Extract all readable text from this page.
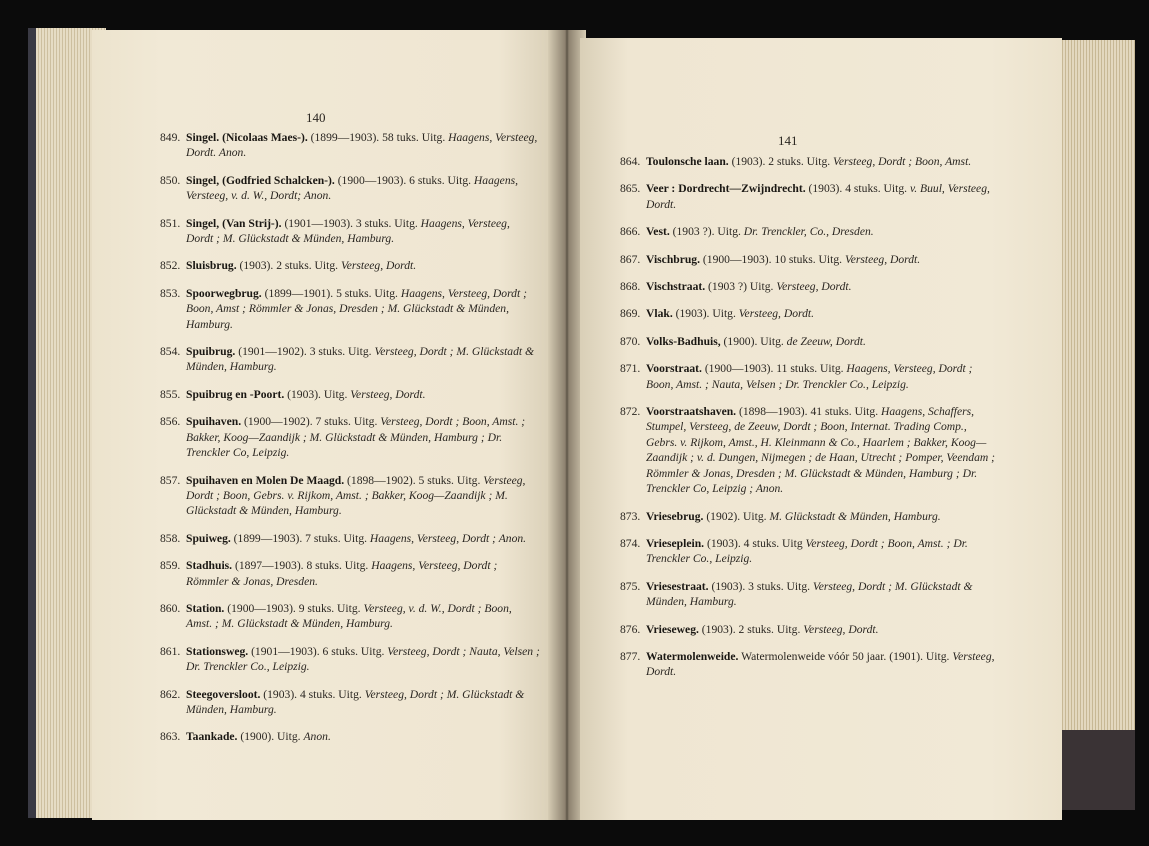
140
849. Singel. (Nicolaas Maes-). (1899—1903). 58 tuks. Uitg. Haagens, Versteeg, Dordt. Anon.
850. Singel, (Godfried Schalcken-). (1900—1903). 6 stuks. Uitg. Haagens, Versteeg, v. d. W., Dordt; Anon.
851. Singel, (Van Strij-). (1901—1903). 3 stuks. Uitg. Haagens, Versteeg, Dordt ; M. Glückstadt & Münden, Hamburg.
852. Sluisbrug. (1903). 2 stuks. Uitg. Versteeg, Dordt.
853. Spoorwegbrug. (1899—1901). 5 stuks. Uitg. Haagens, Versteeg, Dordt ; Boon, Amst ; Römmler & Jonas, Dresden ; M. Glückstadt & Münden, Hamburg.
854. Spuibrug. (1901—1902). 3 stuks. Uitg. Versteeg, Dordt ; M. Glückstadt & Münden, Hamburg.
855. Spuibrug en -Poort. (1903). Uitg. Versteeg, Dordt.
856. Spuihaven. (1900—1902). 7 stuks. Uitg. Versteeg, Dordt ; Boon, Amst. ; Bakker, Koog—Zaandijk ; M. Glückstadt & Münden, Hamburg ; Dr. Trenckler Co, Leipzig.
857. Spuihaven en Molen De Maagd. (1898—1902). 5 stuks. Uitg. Versteeg, Dordt ; Boon, Gebrs. v. Rijkom, Amst. ; Bakker, Koog—Zaandijk ; M. Glückstadt & Münden, Hamburg.
858. Spuiweg. (1899—1903). 7 stuks. Uitg. Haagens, Versteeg, Dordt ; Anon.
859. Stadhuis. (1897—1903). 8 stuks. Uitg. Haagens, Versteeg, Dordt ; Römmler & Jonas, Dresden.
860. Station. (1900—1903). 9 stuks. Uitg. Versteeg, v. d. W., Dordt ; Boon, Amst. ; M. Glückstadt & Münden, Hamburg.
861. Stationsweg. (1901—1903). 6 stuks. Uitg. Versteeg, Dordt ; Nauta, Velsen ; Dr. Trenckler Co., Leipzig.
862. Steegoversloot. (1903). 4 stuks. Uitg. Versteeg, Dordt ; M. Glückstadt & Münden, Hamburg.
863. Taankade. (1900). Uitg. Anon.
141
864. Toulonsche laan. (1903). 2 stuks. Uitg. Versteeg, Dordt ; Boon, Amst.
865. Veer : Dordrecht—Zwijndrecht. (1903). 4 stuks. Uitg. v. Buul, Versteeg, Dordt.
866. Vest. (1903 ?). Uitg. Dr. Trenckler, Co., Dresden.
867. Vischbrug. (1900—1903). 10 stuks. Uitg. Versteeg, Dordt.
868. Vischstraat. (1903 ?) Uitg. Versteeg, Dordt.
869. Vlak. (1903). Uitg. Versteeg, Dordt.
870. Volks-Badhuis, (1900). Uitg. de Zeeuw, Dordt.
871. Voorstraat. (1900—1903). 11 stuks. Uitg. Haagens, Versteeg, Dordt ; Boon, Amst. ; Nauta, Velsen ; Dr. Trenckler Co., Leipzig.
872. Voorstraatshaven. (1898—1903). 41 stuks. Uitg. Haagens, Schaffers, Stumpel, Versteeg, de Zeeuw, Dordt ; Boon, Internat. Trading Comp., Gebrs. v. Rijkom, Amst., H. Kleinmann & Co., Haarlem ; Bakker, Koog—Zaandijk ; v. d. Dungen, Nijmegen ; de Haan, Utrecht ; Pomper, Veendam ; Römmler & Jonas, Dresden ; M. Glückstadt & Münden, Hamburg ; Dr. Trenckler Co, Leipzig ; Anon.
873. Vriesebrug. (1902). Uitg. M. Glückstadt & Münden, Hamburg.
874. Vrieseplein. (1903). 4 stuks. Uitg Versteeg, Dordt ; Boon, Amst. ; Dr. Trenckler Co., Leipzig.
875. Vriesestraat. (1903). 3 stuks. Uitg. Versteeg, Dordt ; M. Glückstadt & Münden, Hamburg.
876. Vrieseweg. (1903). 2 stuks. Uitg. Versteeg, Dordt.
877. Watermolenweide. Watermolenweide vóór 50 jaar. (1901). Uitg. Versteeg, Dordt.
